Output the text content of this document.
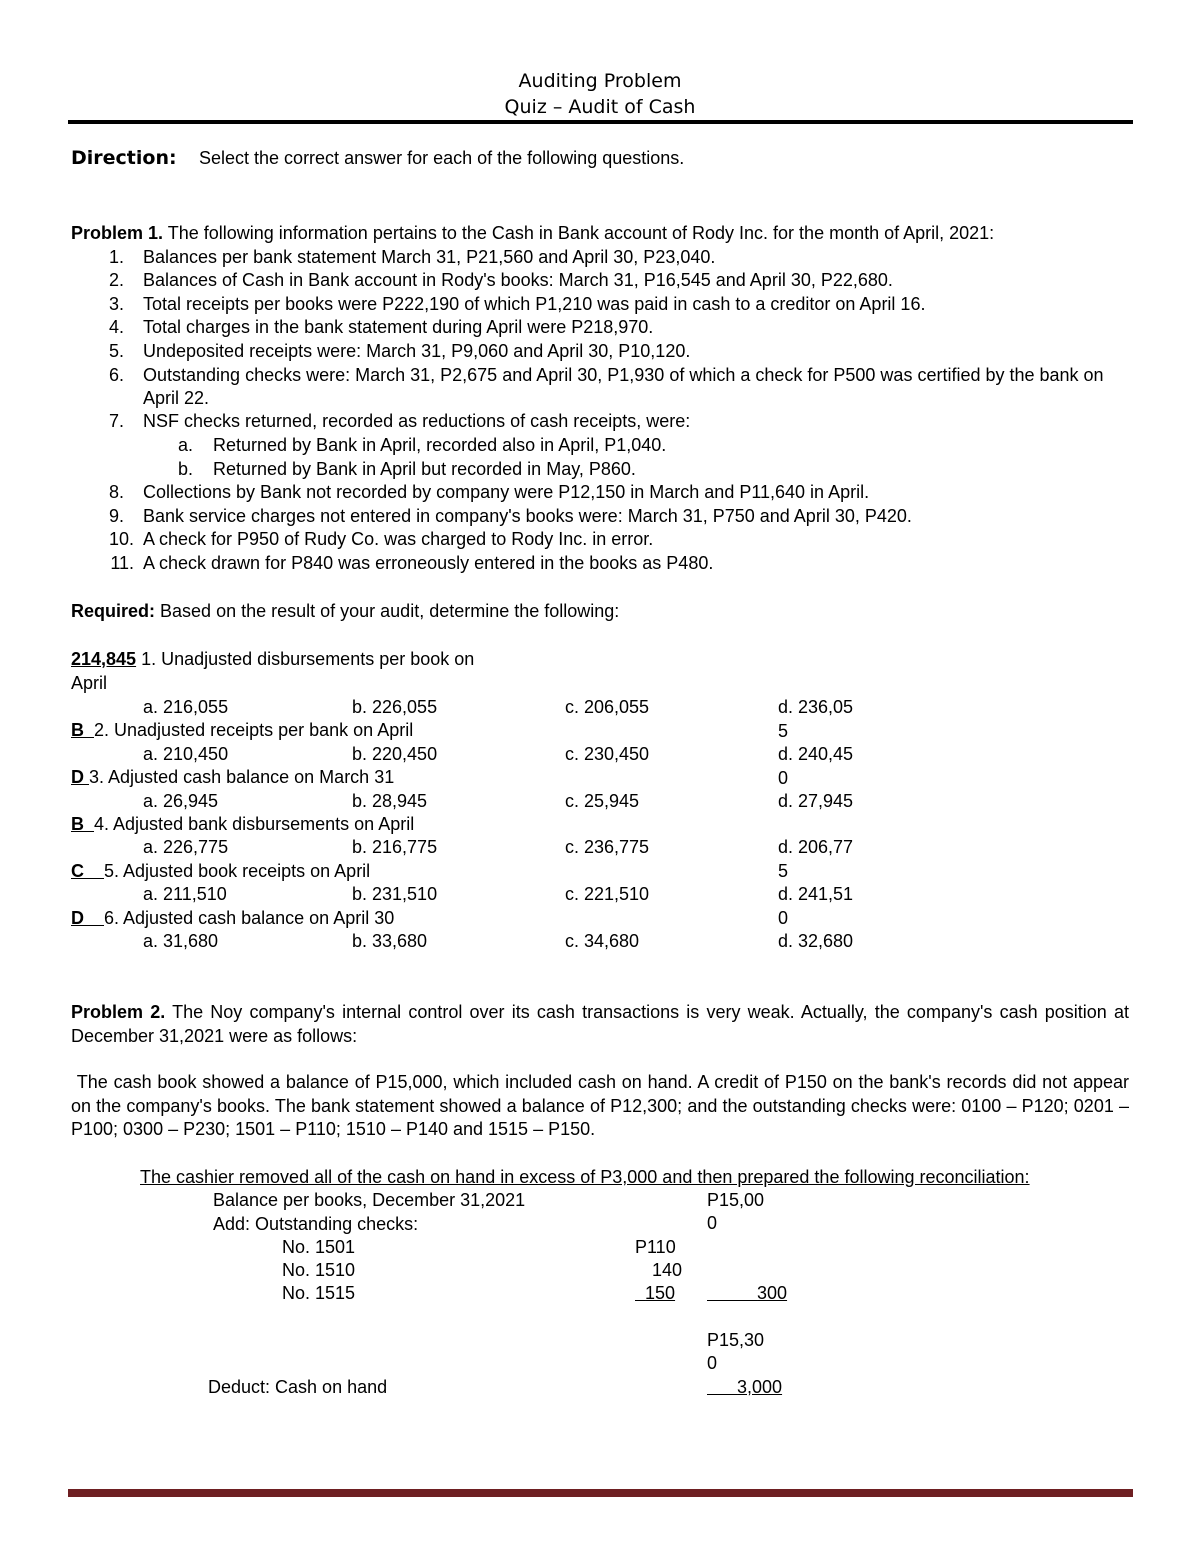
Auditing Problem
Quiz – Audit of Cash
Direction: Select the correct answer for each of the following questions.
Problem 1. The following information pertains to the Cash in Bank account of Rody Inc. for the month of April, 2021:
1. Balances per bank statement March 31, P21,560 and April 30, P23,040.
2. Balances of Cash in Bank account in Rody's books: March 31, P16,545 and April 30, P22,680.
3. Total receipts per books were P222,190 of which P1,210 was paid in cash to a creditor on April 16.
4. Total charges in the bank statement during April were P218,970.
5. Undeposited receipts were: March 31, P9,060 and April 30, P10,120.
6. Outstanding checks were: March 31, P2,675 and April 30, P1,930 of which a check for P500 was certified by the bank on April 22.
7. NSF checks returned, recorded as reductions of cash receipts, were:
a. Returned by Bank in April, recorded also in April, P1,040.
b. Returned by Bank in April but recorded in May, P860.
8. Collections by Bank not recorded by company were P12,150 in March and P11,640 in April.
9. Bank service charges not entered in company's books were: March 31, P750 and April 30, P420.
10. A check for P950 of Rudy Co. was charged to Rody Inc. in error.
11. A check drawn for P840 was erroneously entered in the books as P480.
Required: Based on the result of your audit, determine the following:
214,845 1. Unadjusted disbursements per book on
April
a. 216,055	b. 226,055	c. 206,055	d. 236,055
B 2. Unadjusted receipts per bank on April
a. 210,450	b. 220,450	c. 230,450	d. 240,450
D 3. Adjusted cash balance on March 31
a. 26,945	b. 28,945	c. 25,945	d. 27,945
B 4. Adjusted bank disbursements on April
a. 226,775	b. 216,775	c. 236,775	d. 206,775
C 5. Adjusted book receipts on April
a. 211,510	b. 231,510	c. 221,510	d. 241,510
D 6. Adjusted cash balance on April 30
a. 31,680	b. 33,680	c. 34,680	d. 32,680
Problem 2. The Noy company's internal control over its cash transactions is very weak. Actually, the company's cash position at December 31,2021 were as follows:
The cash book showed a balance of P15,000, which included cash on hand. A credit of P150 on the bank's records did not appear on the company's books. The bank statement showed a balance of P12,300; and the outstanding checks were: 0100 – P120; 0201 – P100; 0300 – P230; 1501 – P110; 1510 – P140 and 1515 – P150.
The cashier removed all of the cash on hand in excess of P3,000 and then prepared the following reconciliation:
Balance per books, December 31,2021	P15,000
Add: Outstanding checks:
No. 1501	P110
No. 1510	140
No. 1515	150	300
P15,300
Deduct: Cash on hand	3,000
